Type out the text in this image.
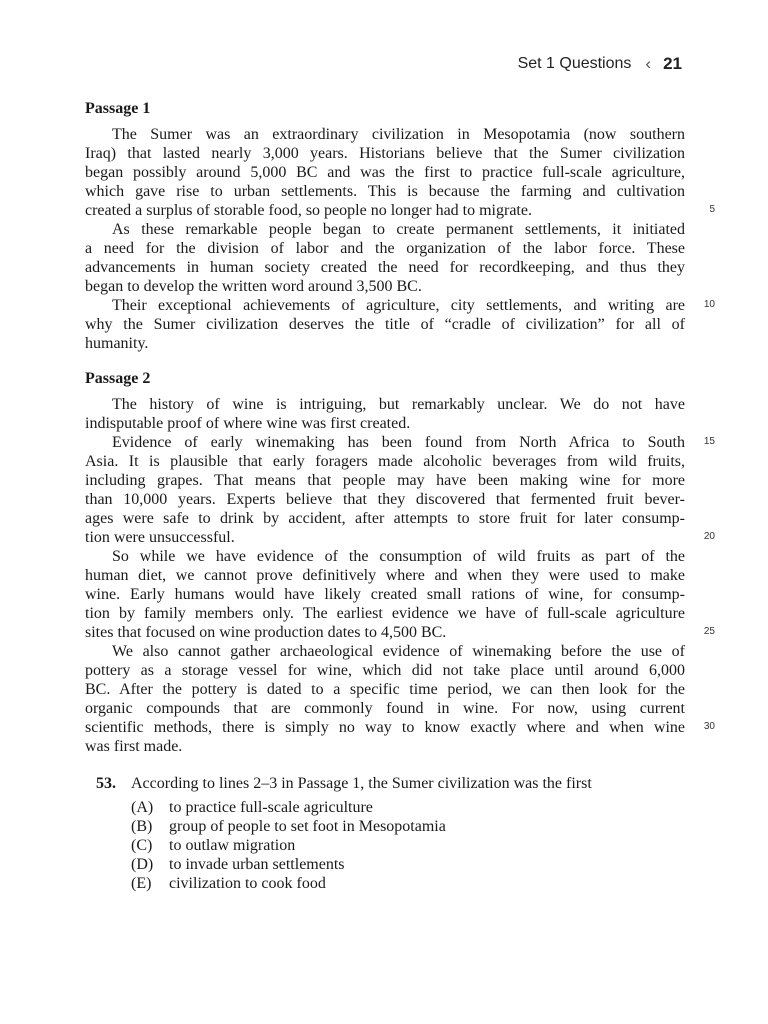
Set 1 Questions ‹ 21
Passage 1
The Sumer was an extraordinary civilization in Mesopotamia (now southern
Iraq) that lasted nearly 3,000 years. Historians believe that the Sumer civilization
began possibly around 5,000 BC and was the first to practice full-scale agriculture,
which gave rise to urban settlements. This is because the farming and cultivation
created a surplus of storable food, so people no longer had to migrate.	5
As these remarkable people began to create permanent settlements, it initiated
a need for the division of labor and the organization of the labor force. These
advancements in human society created the need for recordkeeping, and thus they
began to develop the written word around 3,500 BC.
Their exceptional achievements of agriculture, city settlements, and writing are	10
why the Sumer civilization deserves the title of “cradle of civilization” for all of
humanity.
Passage 2
The history of wine is intriguing, but remarkably unclear. We do not have
indisputable proof of where wine was first created.
Evidence of early winemaking has been found from North Africa to South	15
Asia. It is plausible that early foragers made alcoholic beverages from wild fruits,
including grapes. That means that people may have been making wine for more
than 10,000 years. Experts believe that they discovered that fermented fruit bever-
ages were safe to drink by accident, after attempts to store fruit for later consump-
tion were unsuccessful.	20
So while we have evidence of the consumption of wild fruits as part of the
human diet, we cannot prove definitively where and when they were used to make
wine. Early humans would have likely created small rations of wine, for consump-
tion by family members only. The earliest evidence we have of full-scale agriculture
sites that focused on wine production dates to 4,500 BC.	25
We also cannot gather archaeological evidence of winemaking before the use of
pottery as a storage vessel for wine, which did not take place until around 6,000
BC. After the pottery is dated to a specific time period, we can then look for the
organic compounds that are commonly found in wine. For now, using current
scientific methods, there is simply no way to know exactly where and when wine	30
was first made.
53. According to lines 2–3 in Passage 1, the Sumer civilization was the first
(A) to practice full-scale agriculture
(B) group of people to set foot in Mesopotamia
(C) to outlaw migration
(D) to invade urban settlements
(E) civilization to cook food
